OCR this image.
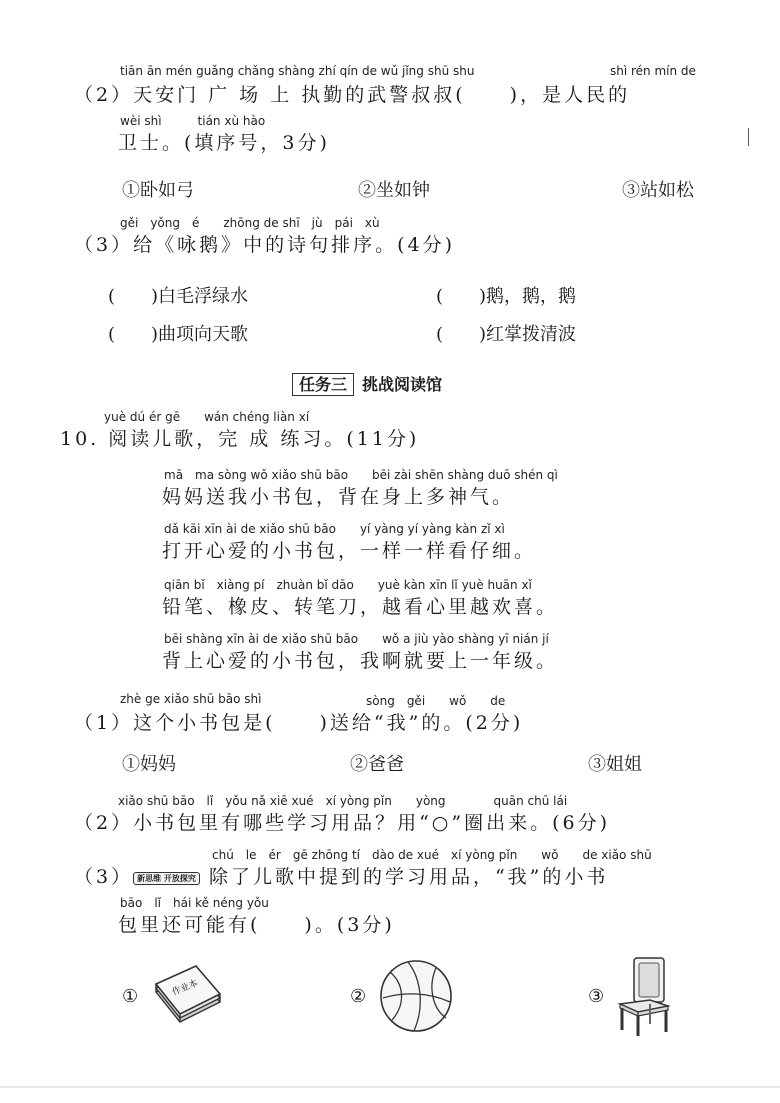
tiān ān mén guǎng chǎng shàng zhí qín de wǔ jǐng shū shu	shì rén mín de
（2）天安门 广 场 上 执勤的武警叔叔(　　)，是人民的
wèi shì　　　tián xù hào
卫士。(填序号，3分)
①卧如弓	②坐如钟	③站如松
gěi　yǒng　é　　zhōng de shī　jù　pái　xù
（3）给《咏鹅》中的诗句排序。(4分)
(　　)白毛浮绿水	(　　)鹅，鹅，鹅
(　　)曲项向天歌	(　　)红掌拨清波
任务三 挑战阅读馆
yuè dú ér gē　　wán chéng liàn xí
10. 阅读儿歌，完 成 练习。(11分)
mā　ma sòng wǒ xiǎo shū bāo　　bēi zài shēn shàng duō shén qì
妈妈送我小书包，背在身上多神气。
dǎ kāi xīn ài de xiǎo shū bāo　　yí yàng yí yàng kàn zǐ xì
打开心爱的小书包，一样一样看仔细。
qiān bǐ　xiàng pí　zhuàn bǐ dāo　　yuè kàn xīn lǐ yuè huān xǐ
铅笔、橡皮、转笔刀，越看心里越欢喜。
bēi shàng xīn ài de xiǎo shū bāo　　wǒ a jiù yào shàng yī nián jí
背上心爱的小书包，我啊就要上一年级。
zhè ge xiǎo shū bāo shì	sòng　gěi　　wǒ　　de
（1）这个小书包是(　　)送给“我”的。(2分)
①妈妈	②爸爸	③姐姐
xiǎo shū bāo　lǐ　yǒu nǎ xiē xué　xí yòng pǐn　　yòng　　　　quān chū lái
（2）小书包里有哪些学习用品？用“○”圈出来。(6分)
chú　le　ér　gē zhōng tí　dào de xué　xí yòng pǐn　　wǒ　　de xiǎo shū
（3） 新思维 开放探究 除了儿歌中提到的学习用品，“我”的小书
bāo　lǐ　hái kě néng yǒu
包里还可能有(　　)。(3分)
①	作业本	②	③
